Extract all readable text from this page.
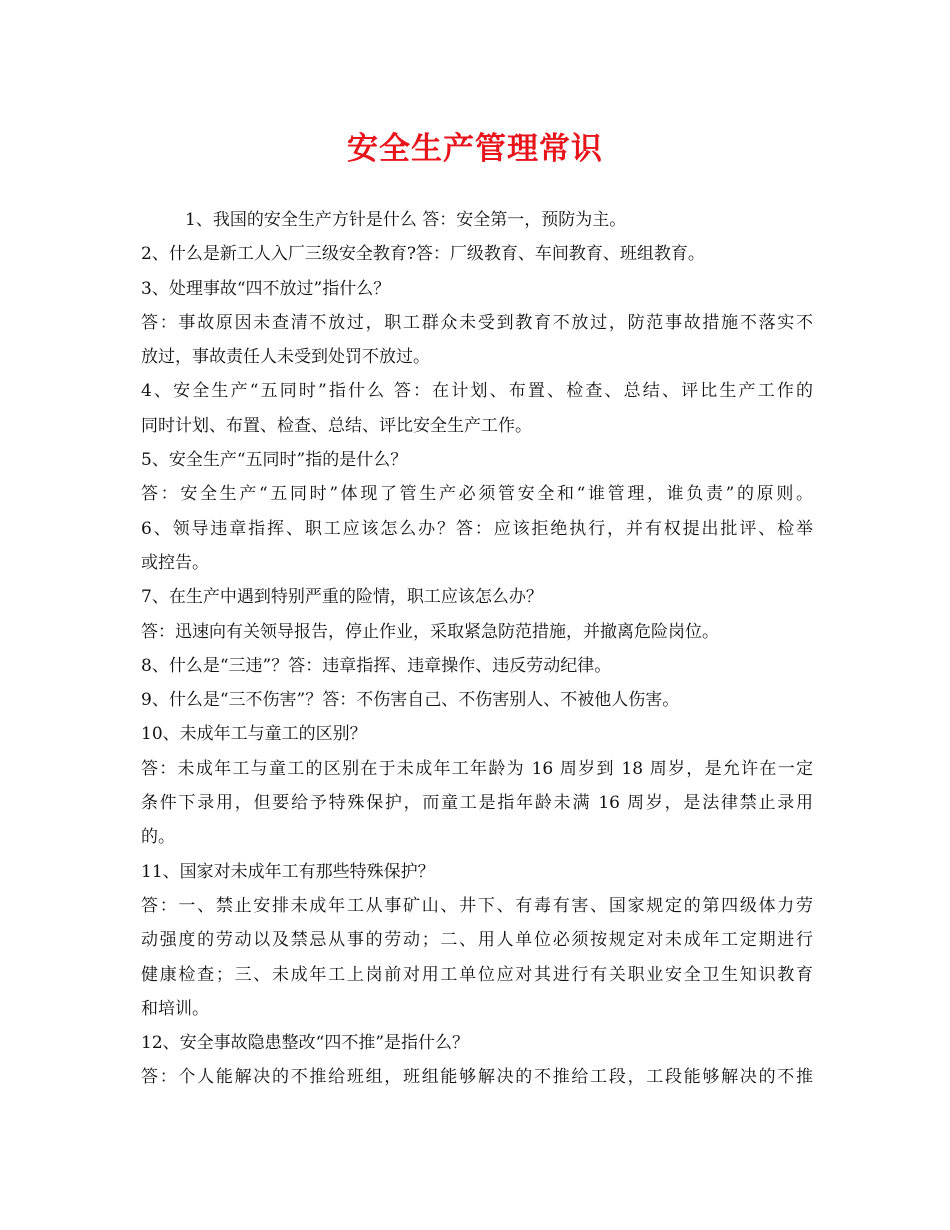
安全生产管理常识
1、我国的安全生产方针是什么 答：安全第一，预防为主。
2、什么是新工人入厂三级安全教育?答：厂级教育、车间教育、班组教育。
3、处理事故“四不放过”指什么？
答：事故原因未查清不放过，职工群众未受到教育不放过，防范事故措施不落实不
放过，事故责任人未受到处罚不放过。
4、安全生产“五同时”指什么 答：在计划、布置、检查、总结、评比生产工作的
同时计划、布置、检查、总结、评比安全生产工作。
5、安全生产“五同时”指的是什么？
答：安全生产“五同时”体现了管生产必须管安全和“谁管理，谁负责”的原则。
6、领导违章指挥、职工应该怎么办？答：应该拒绝执行，并有权提出批评、检举
或控告。
7、在生产中遇到特别严重的险情，职工应该怎么办？
答：迅速向有关领导报告，停止作业，采取紧急防范措施，并撤离危险岗位。
8、什么是“三违”？答：违章指挥、违章操作、违反劳动纪律。
9、什么是“三不伤害”？答：不伤害自己、不伤害别人、不被他人伤害。
10、未成年工与童工的区别？
答：未成年工与童工的区别在于未成年工年龄为 16 周岁到 18 周岁，是允许在一定
条件下录用，但要给予特殊保护，而童工是指年龄未满 16 周岁，是法律禁止录用
的。
11、国家对未成年工有那些特殊保护？
答：一、禁止安排未成年工从事矿山、井下、有毒有害、国家规定的第四级体力劳
动强度的劳动以及禁忌从事的劳动；二、用人单位必须按规定对未成年工定期进行
健康检查；三、未成年工上岗前对用工单位应对其进行有关职业安全卫生知识教育
和培训。
12、安全事故隐患整改“四不推”是指什么？
答：个人能解决的不推给班组，班组能够解决的不推给工段，工段能够解决的不推
